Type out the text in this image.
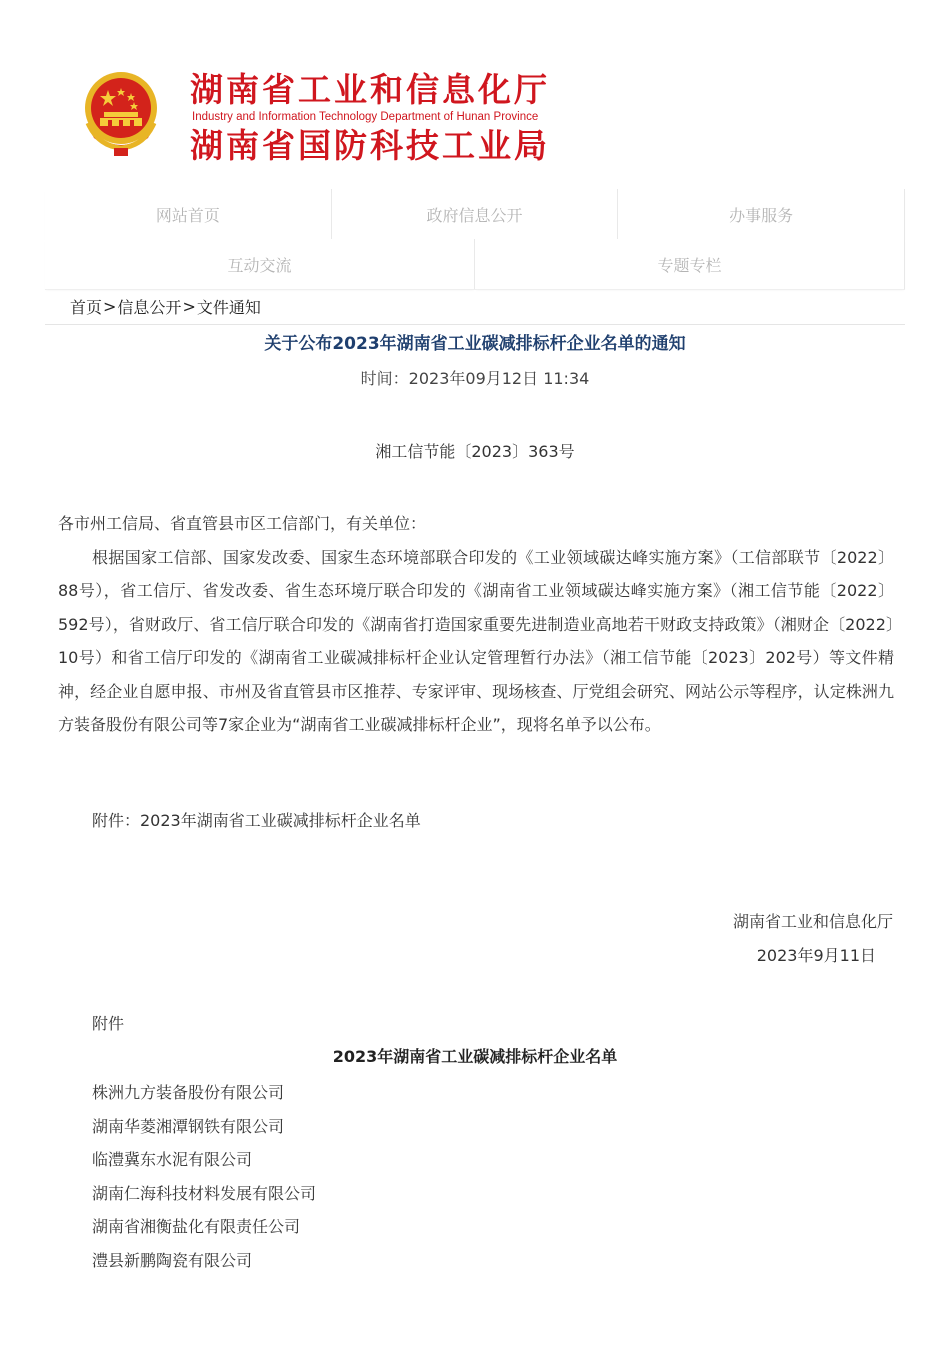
湖南省工业和信息化厅
Industry and Information Technology Department of Hunan Province
湖南省国防科技工业局
网站首页	政府信息公开	办事服务
互动交流	专题专栏
首页 > 信息公开 > 文件通知
关于公布2023年湖南省工业碳减排标杆企业名单的通知
时间：2023年09月12日 11:34
湘工信节能〔2023〕363号

各市州工信局、省直管县市区工信部门，有关单位：

根据国家工信部、国家发改委、国家生态环境部联合印发的《工业领域碳达峰实施方案》（工信部联节〔2022〕88号），省工信厅、省发改委、省生态环境厅联合印发的《湖南省工业领域碳达峰实施方案》（湘工信节能〔2022〕592号），省财政厅、省工信厅联合印发的《湖南省打造国家重要先进制造业高地若干财政支持政策》（湘财企〔2022〕10号）和省工信厅印发的《湖南省工业碳减排标杆企业认定管理暂行办法》（湘工信节能〔2023〕202号）等文件精神，经企业自愿申报、市州及省直管县市区推荐、专家评审、现场核查、厅党组会研究、网站公示等程序，认定株洲九方装备股份有限公司等7家企业为“湖南省工业碳减排标杆企业”，现将名单予以公布。

附件：2023年湖南省工业碳减排标杆企业名单
湖南省工业和信息化厅
2023年9月11日
附件
2023年湖南省工业碳减排标杆企业名单
株洲九方装备股份有限公司
湖南华菱湘潭钢铁有限公司
临澧冀东水泥有限公司
湖南仁海科技材料发展有限公司
湖南省湘衡盐化有限责任公司
澧县新鹏陶瓷有限公司
